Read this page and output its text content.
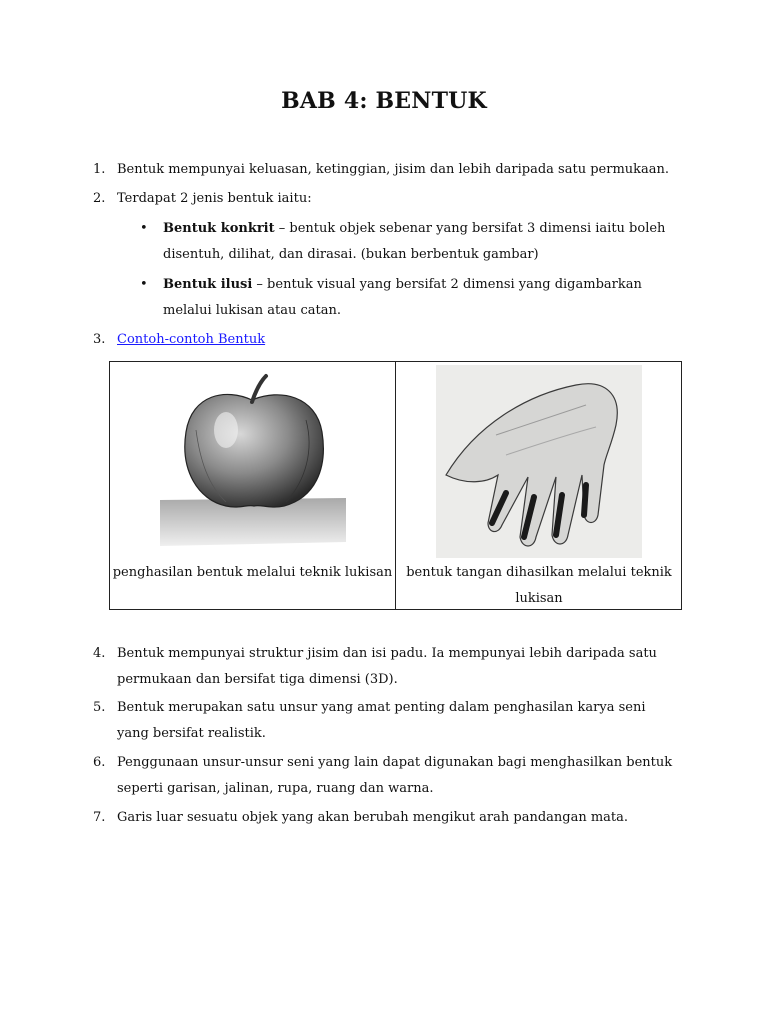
BAB 4: BENTUK
1. Bentuk mempunyai keluasan, ketinggian, jisim dan lebih daripada satu permukaan.
2. Terdapat 2 jenis bentuk iaitu:
• Bentuk konkrit – bentuk objek sebenar yang bersifat 3 dimensi iaitu boleh
disentuh, dilihat, dan dirasai. (bukan berbentuk gambar)
• Bentuk ilusi – bentuk visual yang bersifat 2 dimensi yang digambarkan
melalui lukisan atau catan.
3. Contoh-contoh Bentuk
penghasilan bentuk melalui teknik lukisan	bentuk tangan dihasilkan melalui teknik lukisan
4. Bentuk mempunyai struktur jisim dan isi padu. Ia mempunyai lebih daripada satu
permukaan dan bersifat tiga dimensi (3D).
5. Bentuk merupakan satu unsur yang amat penting dalam penghasilan karya seni
yang bersifat realistik.
6. Penggunaan unsur-unsur seni yang lain dapat digunakan bagi menghasilkan bentuk
seperti garisan, jalinan, rupa, ruang dan warna.
7. Garis luar sesuatu objek yang akan berubah mengikut arah pandangan mata.
